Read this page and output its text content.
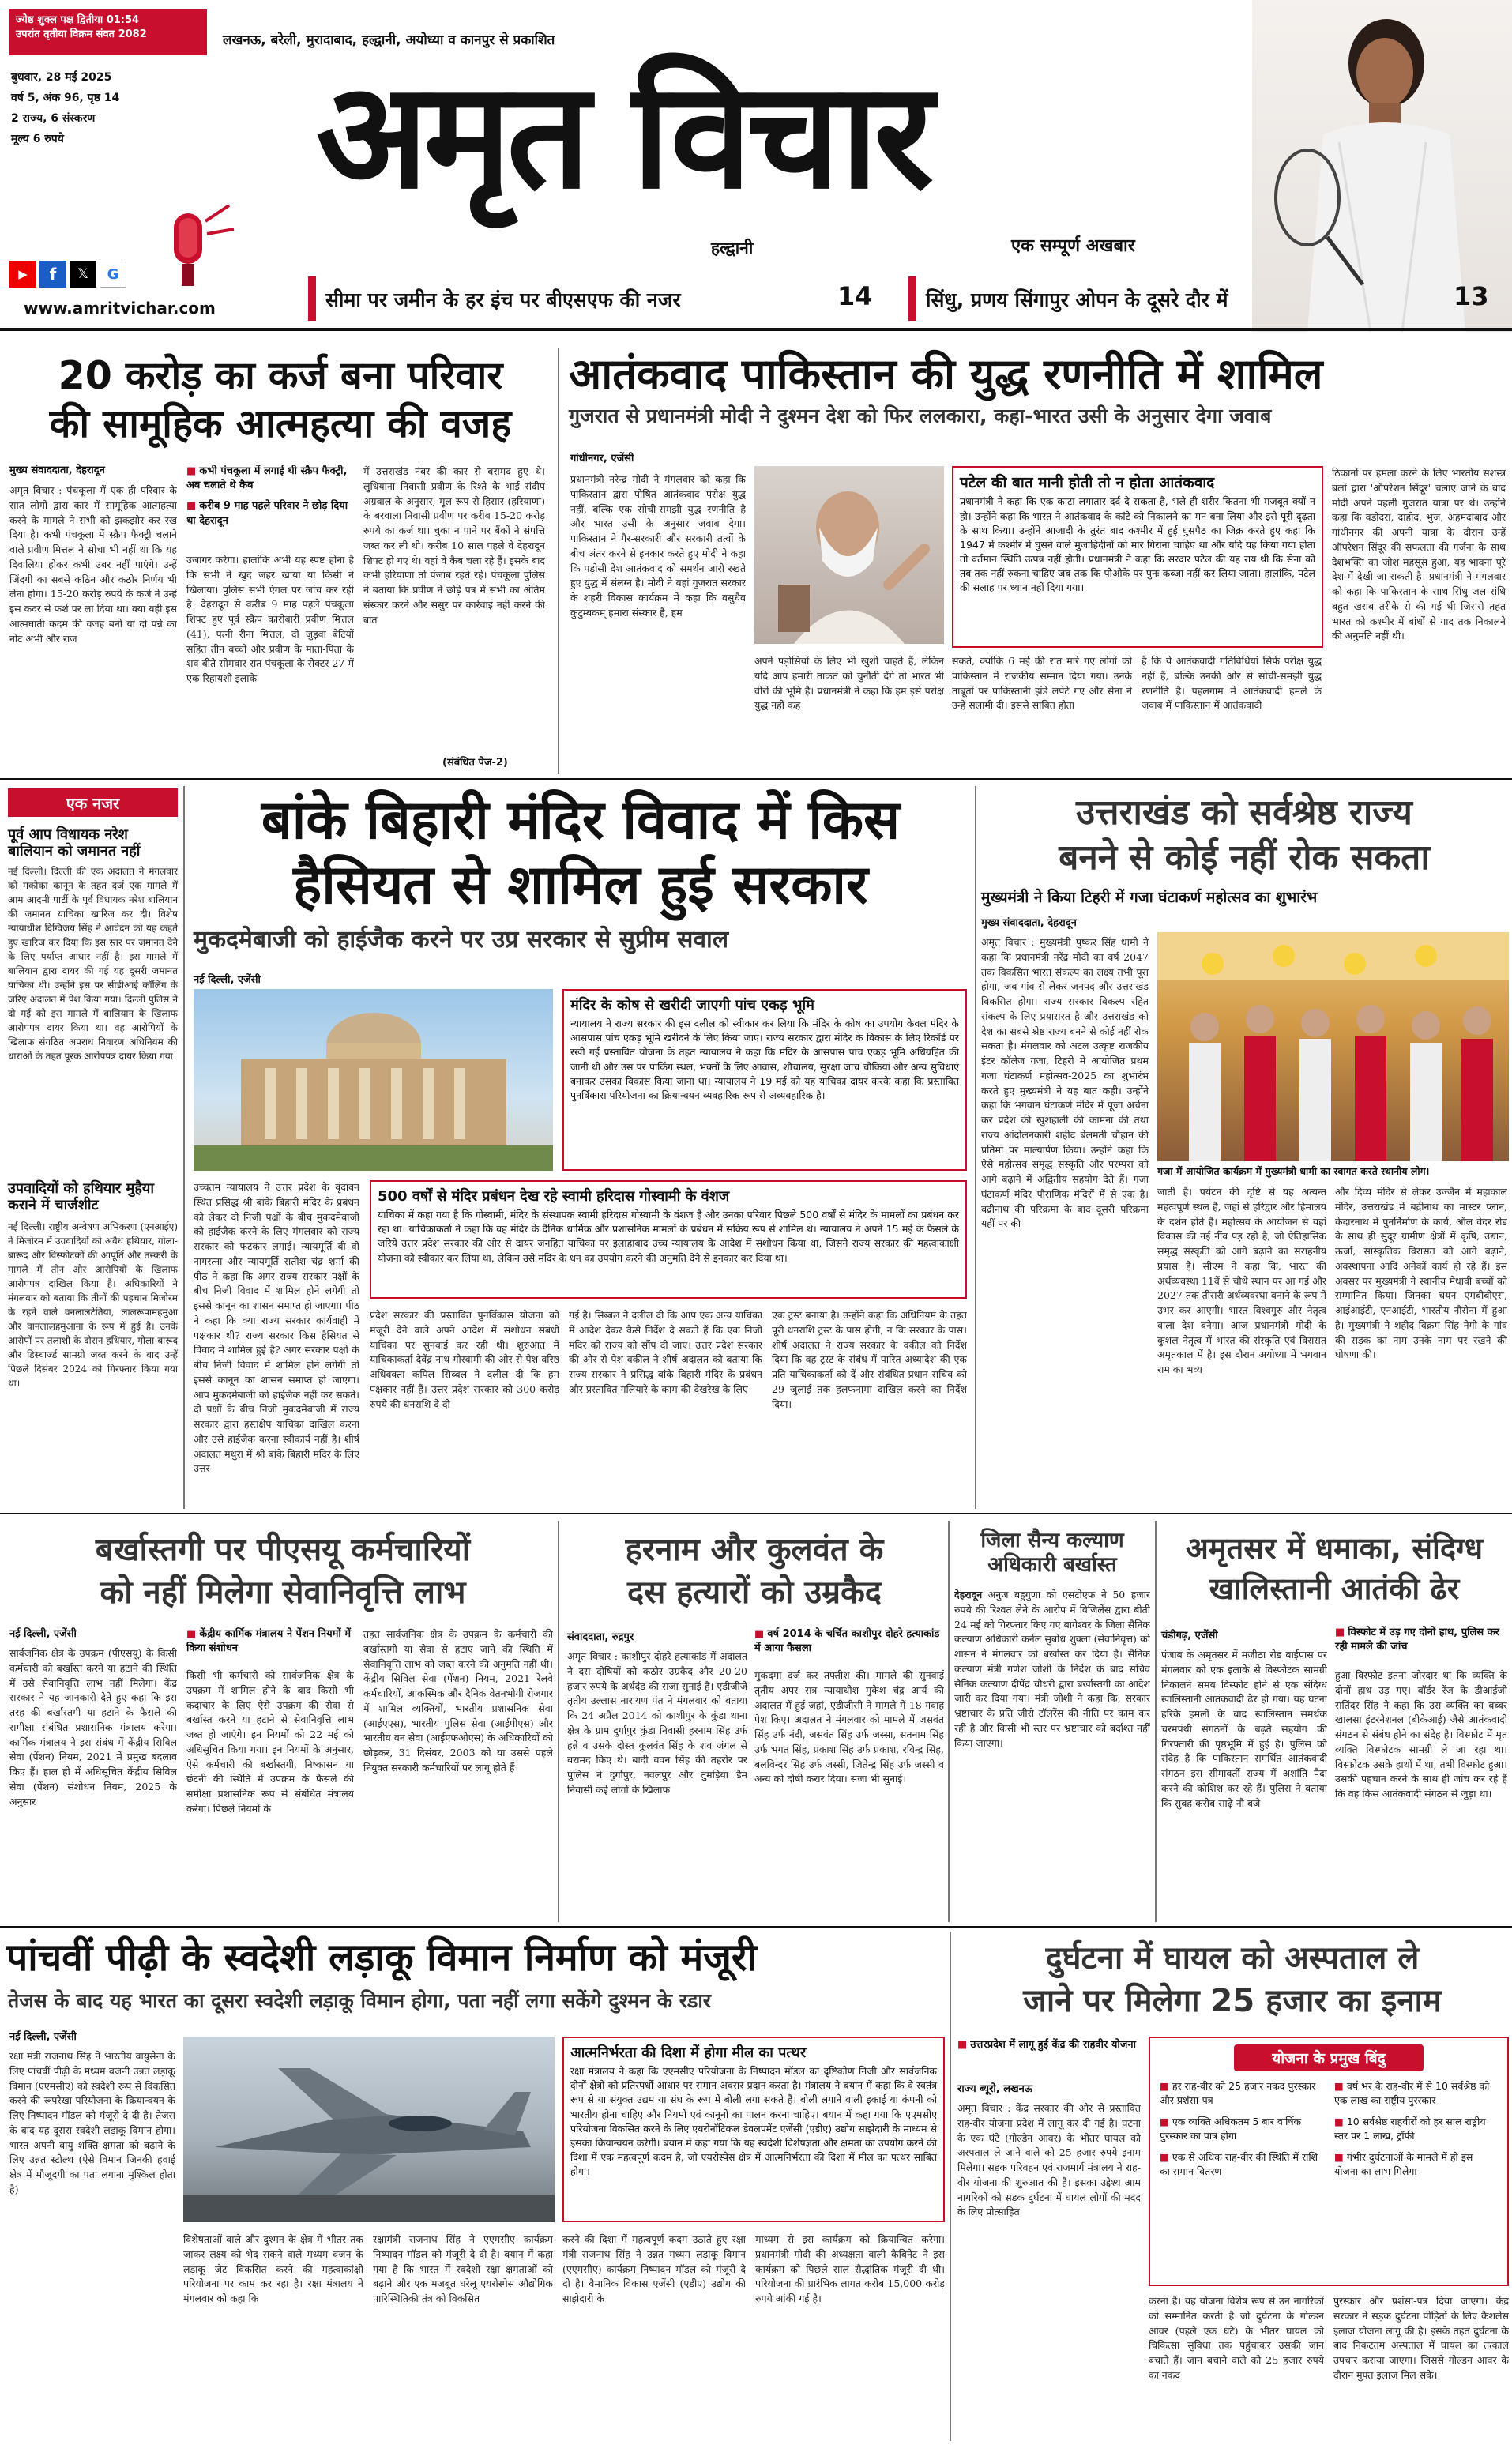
ज्येष्ठ शुक्ल पक्ष द्वितीया 01:54
उपरांत तृतीया विक्रम संवत 2082	लखनऊ, बरेली, मुरादाबाद, हल्द्वानी, अयोध्या व कानपुर से प्रकाशित
बुधवार, 28 मई 2025
वर्ष 5, अंक 96, पृष्ठ 14
2 राज्य, 6 संस्करण
मूल्य 6 रुपये
▶	f	𝕏	G
www.amritvichar.com
अमृत विचार
हल्द्वानी	एक सम्पूर्ण अखबार
सीमा पर जमीन के हर इंच पर बीएसएफ की नजर	14	सिंधु, प्रणय सिंगापुर ओपन के दूसरे दौर में	13
20 करोड़ का कर्ज बना परिवार
की सामूहिक आत्महत्या की वजह
मुख्य संवाददाता, देहरादून
अमृत विचार : पंचकूला में एक ही परिवार के सात लोगों द्वारा कार में सामूहिक आत्महत्या करने के मामले ने सभी को झकझोर कर रख दिया है। कभी पंचकूला में स्क्रैप फैक्ट्री चलाने वाले प्रवीण मित्तल ने सोचा भी नहीं था कि यह दिवालिया होकर कभी उबर नहीं पाएंगे। उन्हें जिंदगी का सबसे कठिन और कठोर निर्णय भी लेना होगा। 15-20 करोड़ रुपये के कर्ज ने उन्हें इस कदर से फर्श पर ला दिया था। क्या यही इस आत्मघाती कदम की वजह बनी या दो पन्ने का नोट अभी और राज
■ कभी पंचकूला में लगाई थी स्क्रैप फैक्ट्री, अब चलाते थे कैब
■ करीब 9 माह पहले परिवार ने छोड़ दिया था देहरादून
उजागर करेगा। हालांकि अभी यह स्पष्ट होना है कि सभी ने खुद जहर खाया या किसी ने खिलाया। पुलिस सभी एंगल पर जांच कर रही है। देहरादून से करीब 9 माह पहले पंचकूला शिफ्ट हुए पूर्व स्क्रैप कारोबारी प्रवीण मित्तल (41), पत्नी रीना मित्तल, दो जुड़वां बेटियों सहित तीन बच्चों और प्रवीण के माता-पिता के शव बीते सोमवार रात पंचकूला के सेक्टर 27 में एक रिहायशी इलाके
में उत्तराखंड नंबर की कार से बरामद हुए थे। लुधियाना निवासी प्रवीण के रिश्ते के भाई संदीप अग्रवाल के अनुसार, मूल रूप से हिसार (हरियाणा) के बरवाला निवासी प्रवीण पर करीब 15-20 करोड़ रुपये का कर्ज था। चुका न पाने पर बैंकों ने संपत्ति जब्त कर ली थी। करीब 10 साल पहले वे देहरादून शिफ्ट हो गए थे। वहां वे कैब चला रहे हैं। इसके बाद कभी हरियाणा तो पंजाब रहते रहे। पंचकूला पुलिस ने बताया कि प्रवीण ने छोड़े पत्र में सभी का अंतिम संस्कार करने और ससुर पर कार्रवाई नहीं करने की बात
(संबंधित पेज-2)
आतंकवाद पाकिस्तान की युद्ध रणनीति में शामिल
गुजरात से प्रधानमंत्री मोदी ने दुश्मन देश को फिर ललकारा, कहा-भारत उसी के अनुसार देगा जवाब
गांधीनगर, एजेंसी
प्रधानमंत्री नरेन्द्र मोदी ने मंगलवार को कहा कि पाकिस्तान द्वारा पोषित आतंकवाद परोक्ष युद्ध नहीं, बल्कि एक सोची-समझी युद्ध रणनीति है और भारत उसी के अनुसार जवाब देगा। पाकिस्तान ने गैर-सरकारी और सरकारी तत्वों के बीच अंतर करने से इनकार करते हुए मोदी ने कहा कि पड़ोसी देश आतंकवाद को समर्थन जारी रखते हुए युद्ध में संलग्न है। मोदी ने यहां गुजरात सरकार के शहरी विकास कार्यक्रम में कहा कि वसुधैव कुटुम्बकम् हमारा संस्कार है, हम
अपने पड़ोसियों के लिए भी खुशी चाहते हैं, लेकिन यदि आप हमारी ताकत को चुनौती देंगे तो भारत भी वीरों की भूमि है। प्रधानमंत्री ने कहा कि हम इसे परोक्ष युद्ध नहीं कह
पटेल की बात मानी होती तो न होता आतंकवाद
प्रधानमंत्री ने कहा कि एक काटा लगातार दर्द दे सकता है, भले ही शरीर कितना भी मजबूत क्यों न हो। उन्होंने कहा कि भारत ने आतंकवाद के कांटे को निकालने का मन बना लिया और इसे पूरी दृढ़ता के साथ किया। उन्होंने आजादी के तुरंत बाद कश्मीर में हुई घुसपैठ का जिक्र करते हुए कहा कि 1947 में कश्मीर में घुसने वाले मुजाहिदीनों को मार गिराना चाहिए था और यदि यह किया गया होता तो वर्तमान स्थिति उत्पन्न नहीं होती। प्रधानमंत्री ने कहा कि सरदार पटेल की यह राय थी कि सेना को तब तक नहीं रुकना चाहिए जब तक कि पीओके पर पुनः कब्जा नहीं कर लिया जाता। हालांकि, पटेल की सलाह पर ध्यान नहीं दिया गया।
सकते, क्योंकि 6 मई की रात मारे गए लोगों को पाकिस्तान में राजकीय सम्मान दिया गया। उनके ताबूतों पर पाकिस्तानी झंडे लपेटे गए और सेना ने उन्हें सलामी दी। इससे साबित होता
है कि ये आतंकवादी गतिविधियां सिर्फ परोक्ष युद्ध नहीं हैं, बल्कि उनकी ओर से सोची-समझी युद्ध रणनीति है। पहलगाम में आतंकवादी हमले के जवाब में पाकिस्तान में आतंकवादी
ठिकानों पर हमला करने के लिए भारतीय सशस्त्र बलों द्वारा 'ऑपरेशन सिंदूर' चलाए जाने के बाद मोदी अपने पहली गुजरात यात्रा पर थे। उन्होंने कहा कि वडोदरा, दाहोद, भुज, अहमदाबाद और गांधीनगर की अपनी यात्रा के दौरान उन्हें ऑपरेशन सिंदूर की सफलता की गर्जना के साथ देशभक्ति का जोश महसूस हुआ, यह भावना पूरे देश में देखी जा सकती है। प्रधानमंत्री ने मंगलवार को कहा कि पाकिस्तान के साथ सिंधु जल संधि बहुत खराब तरीके से की गई थी जिससे तहत भारत को कश्मीर में बांधों से गाद तक निकालने की अनुमति नहीं थी।
एक नजर
पूर्व आप विधायक नरेश बालियान को जमानत नहीं
नई दिल्ली। दिल्ली की एक अदालत ने मंगलवार को मकोका कानून के तहत दर्ज एक मामले में आम आदमी पार्टी के पूर्व विधायक नरेश बालियान की जमानत याचिका खारिज कर दी। विशेष न्यायाधीश दिग्विजय सिंह ने आवेदन को यह कहते हुए खारिज कर दिया कि इस स्तर पर जमानत देने के लिए पर्याप्त आधार नहीं है। इस मामले में बालियान द्वारा दायर की गई यह दूसरी जमानत याचिका थी। उन्होंने इस पर सीडीआई कॉलिंग के जरिए अदालत में पेश किया गया। दिल्ली पुलिस ने दो मई को इस मामले में बालियान के खिलाफ आरोपपत्र दायर किया था। वह आरोपियों के खिलाफ संगठित अपराध निवारण अधिनियम की धाराओं के तहत पूरक आरोपपत्र दायर किया गया।
उपवादियों को हथियार मुहैया कराने में चार्जशीट
नई दिल्ली। राष्ट्रीय अन्वेषण अभिकरण (एनआईए) ने मिजोरम में उग्रवादियों को अवैध हथियार, गोला-बारूद और विस्फोटकों की आपूर्ति और तस्करी के मामले में तीन और आरोपियों के खिलाफ आरोपपत्र दाखिल किया है। अधिकारियों ने मंगलवार को बताया कि तीनों की पहचान मिजोरम के रहने वाले वनलालटेतिया, लालरूपामहमुआ और वानलालहमुआना के रूप में हुई है। उनके आरोपों पर तलाशी के दौरान हथियार, गोला-बारूद और डिस्चार्ज्ड सामग्री जब्त करने के बाद उन्हें पिछले दिसंबर 2024 को गिरफ्तार किया गया था।
बांके बिहारी मंदिर विवाद में किस
हैसियत से शामिल हुई सरकार
मुकदमेबाजी को हाईजैक करने पर उप्र सरकार से सुप्रीम सवाल
नई दिल्ली, एजेंसी
मंदिर के कोष से खरीदी जाएगी पांच एकड़ भूमि
न्यायालय ने राज्य सरकार की इस दलील को स्वीकार कर लिया कि मंदिर के कोष का उपयोग केवल मंदिर के आसपास पांच एकड़ भूमि खरीदने के लिए किया जाए। राज्य सरकार द्वारा मंदिर के विकास के लिए रिकॉर्ड पर रखी गई प्रस्तावित योजना के तहत न्यायालय ने कहा कि मंदिर के आसपास पांच एकड़ भूमि अधिग्रहित की जानी थी और उस पर पार्किंग स्थल, भक्तों के लिए आवास, शौचालय, सुरक्षा जांच चौकियां और अन्य सुविधाएं बनाकर उसका विकास किया जाना था। न्यायालय ने 19 मई को यह याचिका दायर करके कहा कि प्रस्तावित पुनर्विकास परियोजना का क्रियान्वयन व्यवहारिक रूप से अव्यवहारिक है।
उच्चतम न्यायालय ने उत्तर प्रदेश के वृंदावन स्थित प्रसिद्ध श्री बांके बिहारी मंदिर के प्रबंधन को लेकर दो निजी पक्षों के बीच मुकदमेबाजी को हाईजैक करने के लिए मंगलवार को राज्य सरकार को फटकार लगाई। न्यायमूर्ति बी वी नागरत्ना और न्यायमूर्ति सतीश चंद्र शर्मा की पीठ ने कहा कि अगर राज्य सरकार पक्षों के बीच निजी विवाद में शामिल होने लगेगी तो इससे कानून का शासन समाप्त हो जाएगा। पीठ ने कहा कि क्या राज्य सरकार कार्यवाही में पक्षकार थी? राज्य सरकार किस हैसियत से विवाद में शामिल हुई है? अगर सरकार पक्षों के बीच निजी विवाद में शामिल होने लगेगी तो इससे कानून का शासन समाप्त हो जाएगा। आप मुकदमेबाजी को हाईजैक नहीं कर सकते। दो पक्षों के बीच निजी मुकदमेबाजी में राज्य सरकार द्वारा हस्तक्षेप याचिका दाखिल करना और उसे हाईजैक करना स्वीकार्य नहीं है। शीर्ष अदालत मथुरा में श्री बांके बिहारी मंदिर के लिए उत्तर
500 वर्षों से मंदिर प्रबंधन देख रहे स्वामी हरिदास गोस्वामी के वंशज
याचिका में कहा गया है कि गोस्वामी, मंदिर के संस्थापक स्वामी हरिदास गोस्वामी के वंशज हैं और उनका परिवार पिछले 500 वर्षों से मंदिर के मामलों का प्रबंधन कर रहा था। याचिकाकर्ता ने कहा कि वह मंदिर के दैनिक धार्मिक और प्रशासनिक मामलों के प्रबंधन में सक्रिय रूप से शामिल थे। न्यायालय ने अपने 15 मई के फैसले के जरिये उत्तर प्रदेश सरकार की ओर से दायर जनहित याचिका पर इलाहाबाद उच्च न्यायालय के आदेश में संशोधन किया था, जिसने राज्य सरकार की महत्वाकांक्षी योजना को स्वीकार कर लिया था, लेकिन उसे मंदिर के धन का उपयोग करने की अनुमति देने से इनकार कर दिया था।
प्रदेश सरकार की प्रस्तावित पुनर्विकास योजना को मंजूरी देने वाले अपने आदेश में संशोधन संबंधी याचिका पर सुनवाई कर रही थी। शुरुआत में याचिकाकर्ता देवेंद्र नाथ गोस्वामी की ओर से पेश वरिष्ठ अधिवक्ता कपिल सिब्बल ने दलील दी कि हम पक्षकार नहीं हैं। उत्तर प्रदेश सरकार को 300 करोड़ रुपये की धनराशि दे दी
गई है। सिब्बल ने दलील दी कि आप एक अन्य याचिका में आदेश देकर कैसे निर्देश दे सकते हैं कि एक निजी मंदिर को राज्य को सौंप दी जाए। उत्तर प्रदेश सरकार की ओर से पेश वकील ने शीर्ष अदालत को बताया कि राज्य सरकार ने प्रसिद्ध बांके बिहारी मंदिर के प्रबंधन और प्रस्तावित गलियारे के काम की देखरेख के लिए
एक ट्रस्ट बनाया है। उन्होंने कहा कि अधिनियम के तहत पूरी धनराशि ट्रस्ट के पास होगी, न कि सरकार के पास। शीर्ष अदालत ने राज्य सरकार के वकील को निर्देश दिया कि वह ट्रस्ट के संबंध में पारित अध्यादेश की एक प्रति याचिकाकर्ता को दें और संबंधित प्रधान सचिव को 29 जुलाई तक हलफनामा दाखिल करने का निर्देश दिया।
उत्तराखंड को सर्वश्रेष्ठ राज्य
बनने से कोई नहीं रोक सकता
मुख्यमंत्री ने किया टिहरी में गजा घंटाकर्ण महोत्सव का शुभारंभ
मुख्य संवाददाता, देहरादून
अमृत विचार : मुख्यमंत्री पुष्कर सिंह धामी ने कहा कि प्रधानमंत्री नरेंद्र मोदी का वर्ष 2047 तक विकसित भारत संकल्प का लक्ष्य तभी पूरा होगा, जब गांव से लेकर जनपद और उत्तराखंड विकसित होगा। राज्य सरकार विकल्प रहित संकल्प के लिए प्रयासरत है और उत्तराखंड को देश का सबसे श्रेष्ठ राज्य बनने से कोई नहीं रोक सकता है। मंगलवार को अटल उत्कृष्ट राजकीय इंटर कॉलेज गजा, टिहरी में आयोजित प्रथम गजा घंटाकर्ण महोत्सव-2025 का शुभारंभ करते हुए मुख्यमंत्री ने यह बात कही। उन्होंने कहा कि भगवान घंटाकर्ण मंदिर में पूजा अर्चना कर प्रदेश की खुशहाली की कामना की तथा राज्य आंदोलनकारी शहीद बेलमती चौहान की प्रतिमा पर माल्यार्पण किया। उन्होंने कहा कि ऐसे महोत्सव समृद्ध संस्कृति और परम्परा को आगे बढ़ाने में अद्वितीय सहयोग देते हैं। गजा घंटाकर्ण मंदिर पौराणिक मंदिरों में से एक है। बद्रीनाथ की परिक्रमा के बाद दूसरी परिक्रमा यहीं पर की
गजा में आयोजित कार्यक्रम में मुख्यमंत्री धामी का स्वागत करते स्थानीय लोग।
जाती है। पर्यटन की दृष्टि से यह अत्यन्त महत्वपूर्ण स्थल है, जहां से हरिद्वार और हिमालय के दर्शन होते हैं। महोत्सव के आयोजन से यहां विकास की नई नींव पड़ रही है, जो ऐतिहासिक समृद्ध संस्कृति को आगे बढ़ाने का सराहनीय प्रयास है। सीएम ने कहा कि, भारत की अर्थव्यवस्था 11वें से चौथे स्थान पर आ गई और 2027 तक तीसरी अर्थव्यवस्था बनाने के रूप में उभर कर आएगी। भारत विश्वगुरु और नेतृत्व वाला देश बनेगा। आज प्रधानमंत्री मोदी के कुशल नेतृत्व में भारत की संस्कृति एवं विरासत अमृतकाल में है। इस दौरान अयोध्या में भगवान राम का भव्य
और दिव्य मंदिर से लेकर उज्जैन में महाकाल मंदिर, उत्तराखंड में बद्रीनाथ का मास्टर प्लान, केदारनाथ में पुनर्निर्माण के कार्य, ऑल वेदर रोड के साथ ही सुदूर ग्रामीण क्षेत्रों में कृषि, उद्यान, ऊर्जा, सांस्कृतिक विरासत को आगे बढ़ाने, अवस्थापना आदि अनेकों कार्य हो रहे हैं। इस अवसर पर मुख्यमंत्री ने स्थानीय मेधावी बच्चों को सम्मानित किया। जिनका चयन एमबीबीएस, आईआईटी, एनआईटी, भारतीय नौसेना में हुआ है। मुख्यमंत्री ने शहीद विक्रम सिंह नेगी के गांव की सड़क का नाम उनके नाम पर रखने की घोषणा की।
बर्खास्तगी पर पीएसयू कर्मचारियों
को नहीं मिलेगा सेवानिवृत्ति लाभ
नई दिल्ली, एजेंसी
सार्वजनिक क्षेत्र के उपक्रम (पीएसयू) के किसी कर्मचारी को बर्खास्त करने या हटाने की स्थिति में उसे सेवानिवृत्ति लाभ नहीं मिलेगा। केंद्र सरकार ने यह जानकारी देते हुए कहा कि इस तरह की बर्खास्तगी या हटाने के फैसले की समीक्षा संबंधित प्रशासनिक मंत्रालय करेगा। कार्मिक मंत्रालय ने इस संबंध में केंद्रीय सिविल सेवा (पेंशन) नियम, 2021 में प्रमुख बदलाव किए हैं। हाल ही में अधिसूचित केंद्रीय सिविल सेवा (पेंशन) संशोधन नियम, 2025 के अनुसार
■ केंद्रीय कार्मिक मंत्रालय ने पेंशन नियमों में किया संशोधन
किसी भी कर्मचारी को सार्वजनिक क्षेत्र के उपक्रम में शामिल होने के बाद किसी भी कदाचार के लिए ऐसे उपक्रम की सेवा से बर्खास्त करने या हटाने से सेवानिवृत्ति लाभ जब्त हो जाएंगे। इन नियमों को 22 मई को अधिसूचित किया गया। इन नियमों के अनुसार, ऐसे कर्मचारी की बर्खास्तगी, निष्कासन या छंटनी की स्थिति में उपक्रम के फैसले की समीक्षा प्रशासनिक रूप से संबंधित मंत्रालय करेगा। पिछले नियमों के
तहत सार्वजनिक क्षेत्र के उपक्रम के कर्मचारी की बर्खास्तगी या सेवा से हटाए जाने की स्थिति में सेवानिवृत्ति लाभ को जब्त करने की अनुमति नहीं थी। केंद्रीय सिविल सेवा (पेंशन) नियम, 2021 रेलवे कर्मचारियों, आकस्मिक और दैनिक वेतनभोगी रोजगार में शामिल व्यक्तियों, भारतीय प्रशासनिक सेवा (आईएएस), भारतीय पुलिस सेवा (आईपीएस) और भारतीय वन सेवा (आईएफओएस) के अधिकारियों को छोड़कर, 31 दिसंबर, 2003 को या उससे पहले नियुक्त सरकारी कर्मचारियों पर लागू होते हैं।
हरनाम और कुलवंत के
दस हत्यारों को उम्रकैद
संवाददाता, रुद्रपुर	■ वर्ष 2014 के चर्चित काशीपुर दोहरे हत्याकांड में आया फैसला
अमृत विचार : काशीपुर दोहरे हत्याकांड में अदालत ने दस दोषियों को कठोर उम्रकैद और 20-20 हजार रुपये के अर्थदंड की सजा सुनाई है। एडीजीजे तृतीय उल्लास नारायण पंत ने मंगलवार को बताया कि 24 अप्रैल 2014 को काशीपुर के कुंडा थाना क्षेत्र के ग्राम दुर्गापुर कुंडा निवासी हरनाम सिंह उर्फ हन्ने व उसके दोस्त कुलवंत सिंह के शव जंगल से बरामद किए थे। बादी ववन सिंह की तहरीर पर पुलिस ने दुर्गापुर, नवलपुर और तुमड़िया डैम निवासी कई लोगों के खिलाफ
मुकदमा दर्ज कर तफ्तीश की। मामले की सुनवाई तृतीय अपर सत्र न्यायाधीश मुकेश चंद्र आर्य की अदालत में हुई जहां, एडीजीसी ने मामले में 18 गवाह पेश किए। अदालत ने मंगलवार को मामले में जसवंत सिंह उर्फ नंदी, जसवंत सिंह उर्फ जस्सा, सतनाम सिंह उर्फ भगत सिंह, प्रकाश सिंह उर्फ प्रकाश, रविन्द्र सिंह, बलविन्दर सिंह उर्फ जस्सी, जितेन्द्र सिंह उर्फ जस्सी व अन्य को दोषी करार दिया। सजा भी सुनाई।
जिला सैन्य कल्याण अधिकारी बर्खास्त
देहरादून अनुज बहुगुणा को एसटीएफ ने 50 हजार रुपये की रिश्वत लेने के आरोप में विजिलेंस द्वारा बीती 24 मई को गिरफ्तार किए गए बागेश्वर के जिला सैनिक कल्याण अधिकारी कर्नल सुबोध शुक्ला (सेवानिवृत्त) को शासन ने मंगलवार को बर्खास्त कर दिया है। सैनिक कल्याण मंत्री गणेश जोशी के निर्देश के बाद सचिव सैनिक कल्याण दीपेंद्र चौधरी द्वारा बर्खास्तगी का आदेश जारी कर दिया गया। मंत्री जोशी ने कहा कि, सरकार भ्रष्टाचार के प्रति जीरो टॉलरेंस की नीति पर काम कर रही है और किसी भी स्तर पर भ्रष्टाचार को बर्दाश्त नहीं किया जाएगा।
अमृतसर में धमाका, संदिग्ध
खालिस्तानी आतंकी ढेर
चंडीगढ़, एजेंसी	■ विस्फोट में उड़ गए दोनों हाथ, पुलिस कर रही मामले की जांच
पंजाब के अमृतसर में मजीठा रोड बाईपास पर मंगलवार को एक इलाके से विस्फोटक सामग्री निकालने समय विस्फोट होने से एक संदिग्ध खालिस्तानी आतंकवादी ढेर हो गया। यह घटना हरिके हमलों के बाद खालिस्तान समर्थक चरमपंथी संगठनों के बढ़ते सहयोग की गिरफ्तारी की पृष्ठभूमि में हुई है। पुलिस को संदेह है कि पाकिस्तान समर्थित आतंकवादी संगठन इस सीमावर्ती राज्य में अशांति पैदा करने की कोशिश कर रहे हैं। पुलिस ने बताया कि सुबह करीब साढ़े नौ बजे
हुआ विस्फोट इतना जोरदार था कि व्यक्ति के दोनों हाथ उड़ गए। बॉर्डर रेंज के डीआईजी सतिंदर सिंह ने कहा कि उस व्यक्ति का बब्बर खालसा इंटरनेशनल (बीकेआई) जैसे आतंकवादी संगठन से संबंध होने का संदेह है। विस्फोट में मृत व्यक्ति विस्फोटक सामग्री ले जा रहा था। विस्फोटक उसके हाथों में था, तभी विस्फोट हुआ। उसकी पहचान करने के साथ ही जांच कर रहे हैं कि वह किस आतंकवादी संगठन से जुड़ा था।
पांचवीं पीढ़ी के स्वदेशी लड़ाकू विमान निर्माण को मंजूरी
तेजस के बाद यह भारत का दूसरा स्वदेशी लड़ाकू विमान होगा, पता नहीं लगा सकेंगे दुश्मन के रडार
नई दिल्ली, एजेंसी
रक्षा मंत्री राजनाथ सिंह ने भारतीय वायुसेना के लिए पांचवीं पीढ़ी के मध्यम वजनी उन्नत लड़ाकू विमान (एएमसीए) को स्वदेशी रूप से विकसित करने की रूपरेखा परियोजना के क्रियान्वयन के लिए निष्पादन मॉडल को मंजूरी दे दी है। तेजस के बाद यह दूसरा स्वदेशी लड़ाकू विमान होगा। भारत अपनी वायु शक्ति क्षमता को बढ़ाने के लिए उन्नत स्टील्थ (ऐसे विमान जिनकी हवाई क्षेत्र में मौजूदगी का पता लगाना मुश्किल होता है)
विशेषताओं वाले और दुश्मन के क्षेत्र में भीतर तक जाकर लक्ष्य को भेद सकने वाले मध्यम वजन के लड़ाकू जेट विकसित करने की महत्वाकांक्षी परियोजना पर काम कर रहा है। रक्षा मंत्रालय ने मंगलवार को कहा कि
रक्षामंत्री राजनाथ सिंह ने एएमसीए कार्यक्रम निष्पादन मॉडल को मंजूरी दे दी है। बयान में कहा गया है कि भारत में स्वदेशी रक्षा क्षमताओं को बढ़ाने और एक मजबूत घरेलू एयरोस्पेस औद्योगिक पारिस्थितिकी तंत्र को विकसित
आत्मनिर्भरता की दिशा में होगा मील का पत्थर
रक्षा मंत्रालय ने कहा कि एएमसीए परियोजना के निष्पादन मॉडल का दृष्टिकोण निजी और सार्वजनिक दोनों क्षेत्रों को प्रतिस्पर्धी आधार पर समान अवसर प्रदान करता है। मंत्रालय ने बयान में कहा कि वे स्वतंत्र रूप से या संयुक्त उद्यम या संघ के रूप में बोली लगा सकते हैं। बोली लगाने वाली इकाई या कंपनी को भारतीय होना चाहिए और नियमों एवं कानूनों का पालन करना चाहिए। बयान में कहा गया कि एएमसीए परियोजना विकसित करने के लिए एयरोनॉटिकल डेवलपमेंट एजेंसी (एडीए) उद्योग साझेदारी के माध्यम से इसका क्रियान्वयन करेगी। बयान में कहा गया कि यह स्वदेशी विशेषज्ञता और क्षमता का उपयोग करने की दिशा में एक महत्वपूर्ण कदम है, जो एयरोस्पेस क्षेत्र में आत्मनिर्भरता की दिशा में मील का पत्थर साबित होगा।
करने की दिशा में महत्वपूर्ण कदम उठाते हुए रक्षा मंत्री राजनाथ सिंह ने उन्नत मध्यम लड़ाकू विमान (एएमसीए) कार्यक्रम निष्पादन मॉडल को मंजूरी दे दी है। वैमानिक विकास एजेंसी (एडीए) उद्योग की साझेदारी के
माध्यम से इस कार्यक्रम को क्रियान्वित करेगा। प्रधानमंत्री मोदी की अध्यक्षता वाली कैबिनेट ने इस कार्यक्रम को पिछले साल सैद्धांतिक मंजूरी दी थी। परियोजना की प्रारंभिक लागत करीब 15,000 करोड़ रुपये आंकी गई है।
दुर्घटना में घायल को अस्पताल ले
जाने पर मिलेगा 25 हजार का इनाम
■ उत्तरप्रदेश में लागू हुई केंद्र की राहवीर योजना
राज्य ब्यूरो, लखनऊ
अमृत विचार : केंद्र सरकार की ओर से प्रस्तावित राह-वीर योजना प्रदेश में लागू कर दी गई है। घटना के एक घंटे (गोल्डेन आवर) के भीतर घायल को अस्पताल ले जाने वाले को 25 हजार रुपये इनाम मिलेगा। सड़क परिवहन एवं राजमार्ग मंत्रालय ने राह-वीर योजना की शुरुआत की है। इसका उद्देश्य आम नागरिकों को सड़क दुर्घटना में घायल लोगों की मदद के लिए प्रोत्साहित
योजना के प्रमुख बिंदु
■ हर राह-वीर को 25 हजार नकद पुरस्कार और प्रशंसा-पत्र
■ वर्ष भर के राह-वीर में से 10 सर्वश्रेष्ठ को एक लाख का राष्ट्रीय पुरस्कार
■ एक व्यक्ति अधिकतम 5 बार वार्षिक पुरस्कार का पात्र होगा
■ 10 सर्वश्रेष्ठ राहवीरों को हर साल राष्ट्रीय स्तर पर 1 लाख, ट्रॉफी
■ एक से अधिक राह-वीर की स्थिति में राशि का समान वितरण
■ गंभीर दुर्घटनाओं के मामले में ही इस योजना का लाभ मिलेगा
करना है। यह योजना विशेष रूप से उन नागरिकों को सम्मानित करती है जो दुर्घटना के गोल्डन आवर (पहले एक घंटे) के भीतर घायल को चिकित्सा सुविधा तक पहुंचाकर उसकी जान बचाते हैं। जान बचाने वाले को 25 हजार रुपये का नकद
पुरस्कार और प्रशंसा-पत्र दिया जाएगा। केंद्र सरकार ने सड़क दुर्घटना पीड़ितों के लिए कैशलेस इलाज योजना लागू की है। इसके तहत दुर्घटना के बाद निकटतम अस्पताल में घायल का तत्काल उपचार कराया जाएगा। जिससे गोल्डन आवर के दौरान मुफ्त इलाज मिल सके।
